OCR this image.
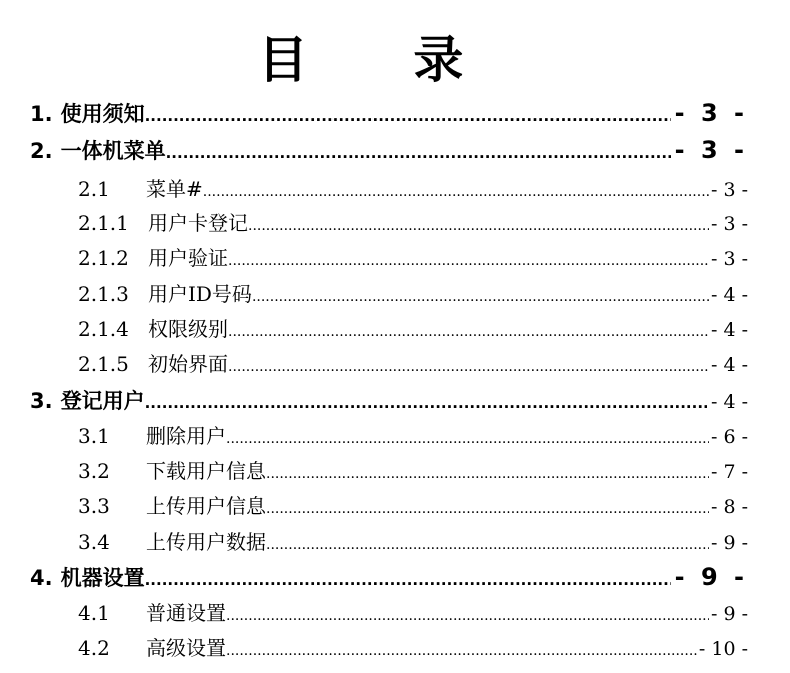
目 录
1. 使用须知 .....	- 3 -
2. 一体机菜单 .....	- 3 -
2.1	菜单# .....	- 3 -
2.1.1 用户卡登记 .....	- 3 -
2.1.2 用户验证 .....	- 3 -
2.1.3 用户ID号码 .....	- 4 -
2.1.4 权限级别 .....	- 4 -
2.1.5 初始界面 .....	- 4 -
3. 登记用户 .....	- 4 -
3.1	删除用户 .....	- 6 -
3.2	下载用户信息 .....	- 7 -
3.3	上传用户信息 .....	- 8 -
3.4	上传用户数据 .....	- 9 -
4. 机器设置 .....	- 9 -
4.1	普通设置 .....	- 9 -
4.2	高级设置 .....	- 10 -
